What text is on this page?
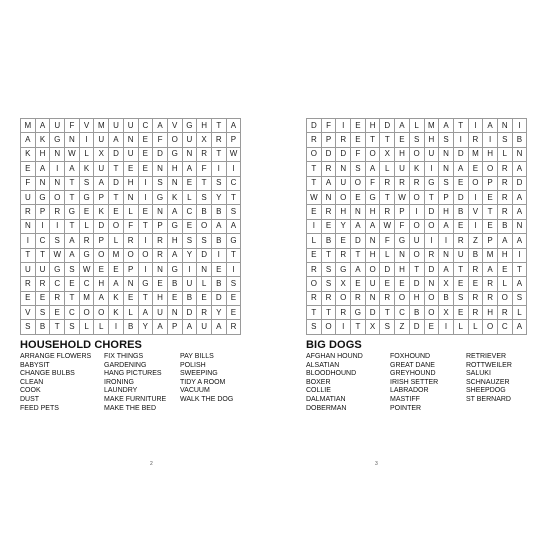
M	A	U	F	V	M	U	U	C	A	V	G	H	T	A
A	K	G	N	I	U	A	N	E	F	O	U	X	R	P
K	H	N	W	L	X	D	U	E	D	G	N	R	T	W
E	A	I	A	K	U	T	E	E	N	H	A	F	I	I
F	N	N	T	S	A	D	H	I	S	N	E	T	S	C
U	G	O	T	G	P	T	N	I	G	K	L	S	Y	T
R	P	R	G	E	K	E	L	E	N	A	C	B	B	S
N	I	I	T	L	D	O	F	T	P	G	E	O	A	A
I	C	S	A	R	P	L	R	I	R	H	S	S	B	G
T	T	W	A	G	O	M	O	O	R	A	Y	D	I	T
U	U	G	S	W	E	E	P	I	N	G	I	N	E	I
R	R	C	E	C	H	A	N	G	E	B	U	L	B	S
E	E	R	T	M	A	K	E	T	H	E	B	E	D	E
V	S	E	C	O	O	K	L	A	U	N	D	R	Y	E
S	B	T	S	L	L	I	B	Y	A	P	A	U	A	R
HOUSEHOLD CHORES
ARRANGE FLOWERS
BABYSIT
CHANGE BULBS
CLEAN
COOK
DUST
FEED PETS
FIX THINGS
GARDENING
HANG PICTURES
IRONING
LAUNDRY
MAKE FURNITURE
MAKE THE BED
PAY BILLS
POLISH
SWEEPING
TIDY A ROOM
VACUUM
WALK THE DOG
2
D	F	I	E	H	D	A	L	M	A	T	I	A	N	I
R	P	R	E	T	T	E	S	H	S	I	R	I	S	B
O	D	D	F	O	X	H	O	U	N	D	M	H	L	N
T	R	N	S	A	L	U	K	I	N	A	E	O	R	A
T	A	U	O	F	R	R	R	G	S	E	O	P	R	D
W	N	O	E	G	T	W	O	T	P	D	I	E	R	A
E	R	H	N	H	R	P	I	D	H	B	V	T	R	A
I	E	Y	A	A	W	F	O	O	A	E	I	E	B	N
L	B	E	D	N	F	G	U	I	I	R	Z	P	A	A
E	T	R	T	H	L	N	O	R	N	U	B	M	H	I
R	S	G	A	O	D	H	T	D	A	T	R	A	E	T
O	S	X	E	U	E	E	D	N	X	E	E	R	L	A
R	R	O	R	N	R	O	H	O	B	S	R	R	O	S
T	T	R	G	D	T	C	B	O	X	E	R	H	R	L
S	O	I	T	X	S	Z	D	E	I	L	L	O	C	A
BIG DOGS
AFGHAN HOUND
ALSATIAN
BLOODHOUND
BOXER
COLLIE
DALMATIAN
DOBERMAN
FOXHOUND
GREAT DANE
GREYHOUND
IRISH SETTER
LABRADOR
MASTIFF
POINTER
RETRIEVER
ROTTWEILER
SALUKI
SCHNAUZER
SHEEPDOG
ST BERNARD
3
